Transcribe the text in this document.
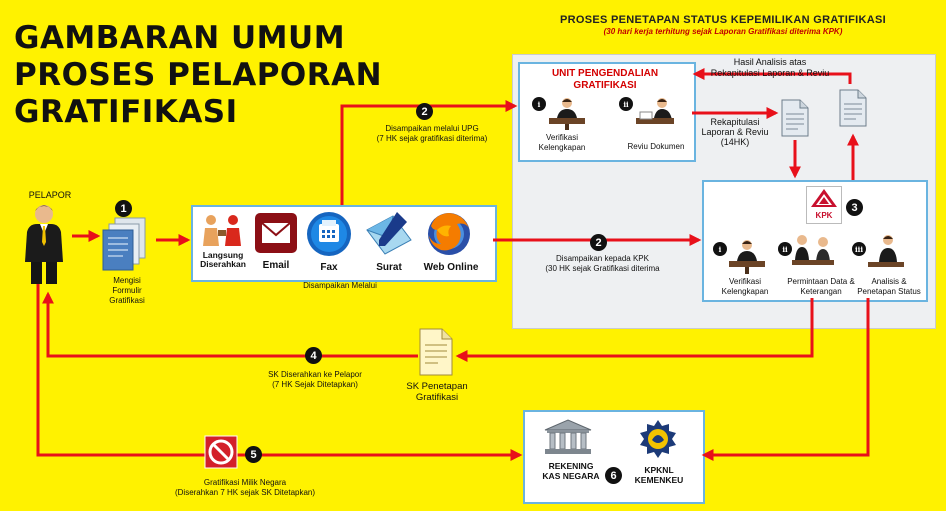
GAMBARAN UMUM
PROSES PELAPORAN
GRATIFIKASI
PROSES PENETAPAN STATUS KEPEMILIKAN GRATIFIKASI
(30 hari kerja terhitung sejak Laporan Gratifikasi diterima KPK)
PELAPOR
1
Mengisi
Formulir
Gratifikasi
Langsung
Diserahkan	Email	Fax	Surat	Web Online
Disampaikan Melalui
2
Disampaikan melalui UPG
(7 HK sejak gratifikasi diterima)
2
Disampaikan kepada KPK
(30 HK sejak Gratifikasi diterima
UNIT PENGENDALIAN
GRATIFIKASI
i
Verifikasi
Kelengkapan
ii
Reviu Dokumen
Rekapitulasi
Laporan & Reviu
(14HK)
Hasil Analisis atas
Rekapitulasi Laporan & Reviu
KPK
3
i
Verifikasi
Kelengkapan
ii
Permintaan Data &
Keterangan
iii
Analisis &
Penetapan Status
4
SK Diserahkan ke Pelapor
(7 HK Sejak Ditetapkan)	SK Penetapan
Gratifikasi
5
Gratifikasi Milik Negara
(Diserahkan 7 HK sejak SK Ditetapkan)
REKENING
KAS NEGARA 6	KPKNL
KEMENKEU
